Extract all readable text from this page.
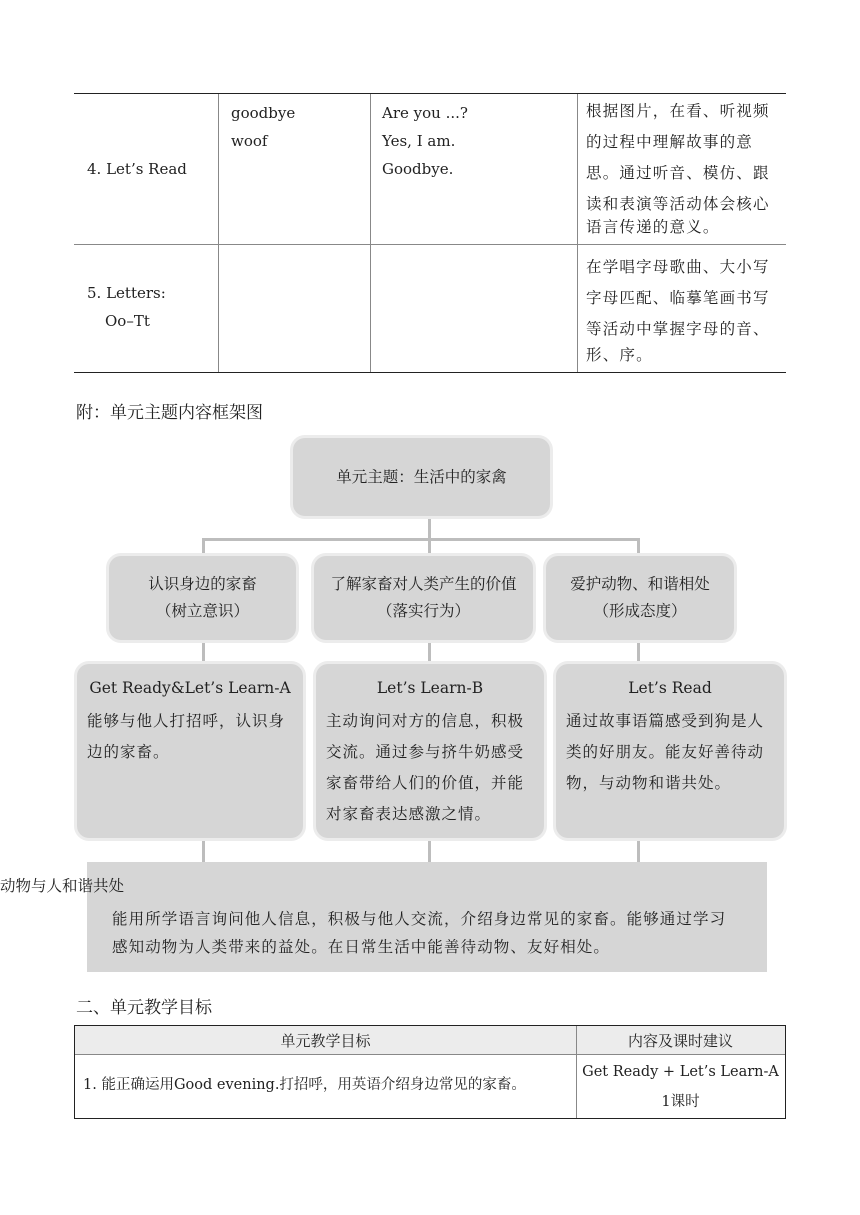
4. Let’s Read
goodbye
woof
Are you ...?
Yes, I am.
Goodbye.
根据图片，在看、听视频
的过程中理解故事的意
思。通过听音、模仿、跟
读和表演等活动体会核心
语言传递的意义。
5. Letters:
Oo–Tt
在学唱字母歌曲、大小写
字母匹配、临摹笔画书写
等活动中掌握字母的音、
形、序。
附：单元主题内容框架图
单元主题：生活中的家禽
认识身边的家畜
（树立意识）
了解家畜对人类产生的价值
（落实行为）
爱护动物、和谐相处
（形成态度）
Get Ready&Let’s Learn-A
能够与他人打招呼，认识身
边的家畜。
Let’s Learn-B
主动询问对方的信息，积极
交流。通过参与挤牛奶感受
家畜带给人们的价值，并能
对家畜表达感激之情。
Let’s Read
通过故事语篇感受到狗是人
类的好朋友。能友好善待动
物，与动物和谐共处。
动物与人和谐共处
能用所学语言询问他人信息，积极与他人交流，介绍身边常见的家畜。能够通过学习
感知动物为人类带来的益处。在日常生活中能善待动物、友好相处。
二、单元教学目标
单元教学目标	内容及课时建议
1. 能正确运用Good evening.打招呼，用英语介绍身边常见的家畜。
Get Ready + Let’s Learn-A
1课时
